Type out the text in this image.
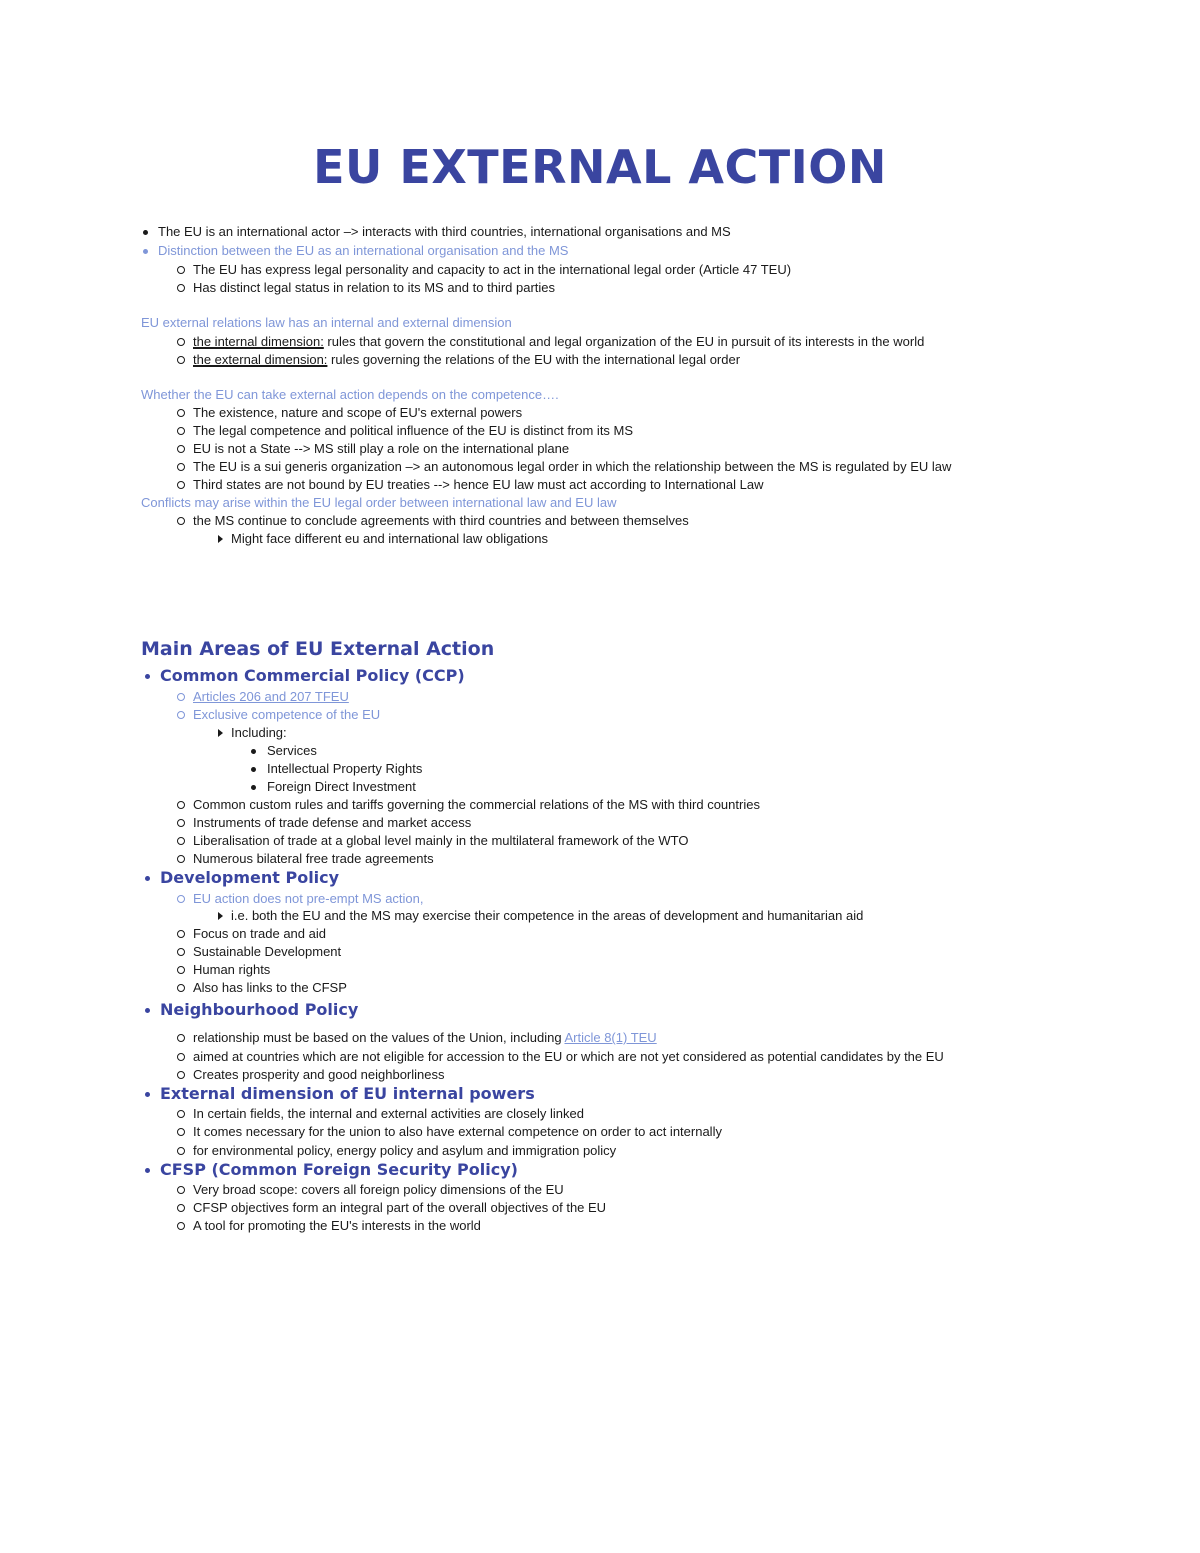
EU EXTERNAL ACTION
The EU is an international actor –> interacts with third countries, international organisations and MS
Distinction between the EU as an international organisation and the MS
The EU has express legal personality and capacity to act in the international legal order (Article 47 TEU)
Has distinct legal status in relation to its MS and to third parties
EU external relations law has an internal and external dimension
the internal dimension: rules that govern the constitutional and legal organization of the EU in pursuit of its interests in the world
the external dimension: rules governing the relations of the EU with the international legal order
Whether the EU can take external action depends on the competence….
The existence, nature and scope of EU's external powers
The legal competence and political influence of the EU is distinct from its MS
EU is not a State --> MS still play a role on the international plane
The EU is a sui generis organization –> an autonomous legal order in which the relationship between the MS is regulated by EU law
Third states are not bound by EU treaties --> hence EU law must act according to International Law
Conflicts may arise within the EU legal order between international law and EU law
the MS continue to conclude agreements with third countries and between themselves
Might face different eu and international law obligations
Main Areas of EU External Action
Common Commercial Policy (CCP)
Articles 206 and 207 TFEU
Exclusive competence of the EU
Including:
Services
Intellectual Property Rights
Foreign Direct Investment
Common custom rules and tariffs governing the commercial relations of the MS with third countries
Instruments of trade defense and market access
Liberalisation of trade at a global level mainly in the multilateral framework of the WTO
Numerous bilateral free trade agreements
Development Policy
EU action does not pre-empt MS action,
i.e. both the EU and the MS may exercise their competence in the areas of development and humanitarian aid
Focus on trade and aid
Sustainable Development
Human rights
Also has links to the CFSP
Neighbourhood Policy
relationship must be based on the values of the Union, including Article 8(1) TEU
aimed at countries which are not eligible for accession to the EU or which are not yet considered as potential candidates by the EU
Creates prosperity and good neighborliness
External dimension of EU internal powers
In certain fields, the internal and external activities are closely linked
It comes necessary for the union to also have external competence on order to act internally
for environmental policy, energy policy and asylum and immigration policy
CFSP (Common Foreign Security Policy)
Very broad scope: covers all foreign policy dimensions of the EU
CFSP objectives form an integral part of the overall objectives of the EU
A tool for promoting the EU's interests in the world
